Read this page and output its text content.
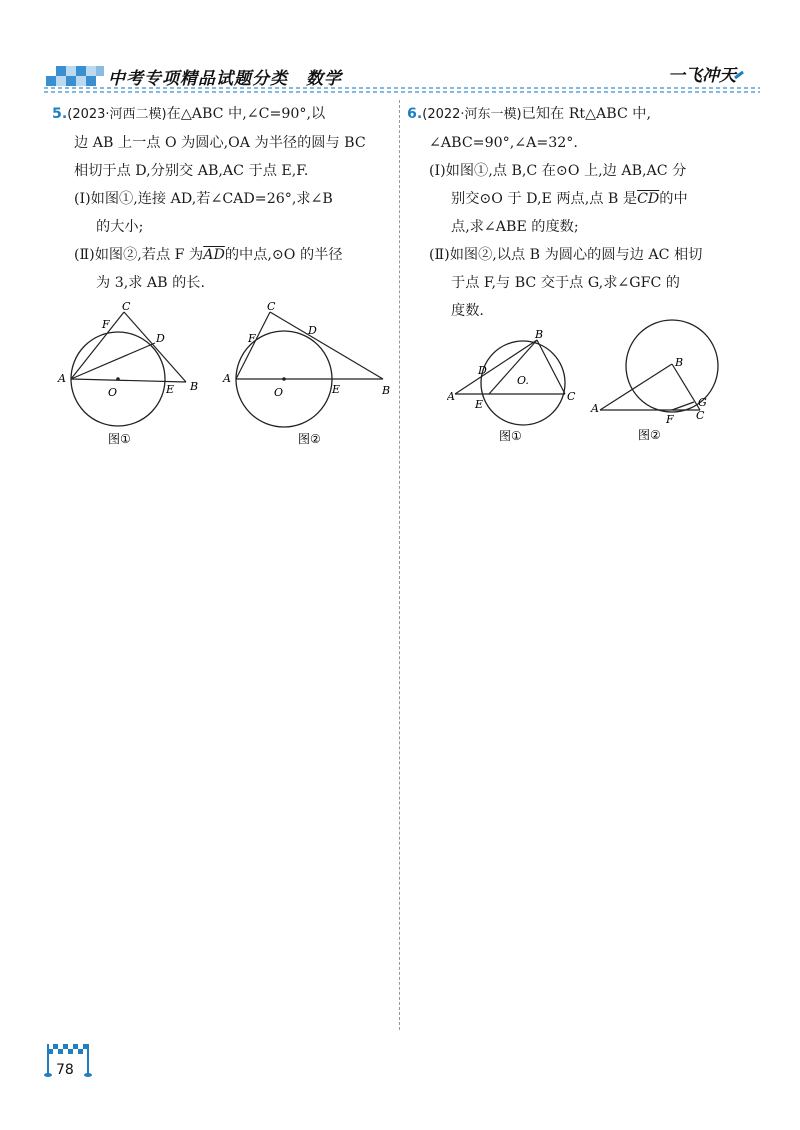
中考专项精品试题分类　数学	一飞冲天

5.(2023·河西二模)在△ABC 中,∠C=90°,以

边 AB 上一点 O 为圆心,OA 为半径的圆与 BC

相切于点 D,分别交 AB,AC 于点 E,F.

(Ⅰ)如图①,连接 AD,若∠CAD=26°,求∠B

的大小;

(Ⅱ)如图②,若点 F 为$\overline{AD}$的中点,⊙O 的半径

为 3,求 AB 的长.

C
F
D
A
O	E B
图①
C
F
D
A
O	E	B
图②

6.(2022·河东一模)已知在 Rt△ABC 中,

∠ABC=90°,∠A=32°.

(Ⅰ)如图①,点 B,C 在⊙O 上,边 AB,AC 分

别交⊙O 于 D,E 两点,点 B 是$\overline{CD}$的中

点,求∠ABE 的度数;

(Ⅱ)如图②,以点 B 为圆心的圆与边 AC 相切

于点 F,与 BC 交于点 G,求∠GFC 的

度数.

B
D
O.
A
E
C
图①
B
A
F
G
C
图②
78
